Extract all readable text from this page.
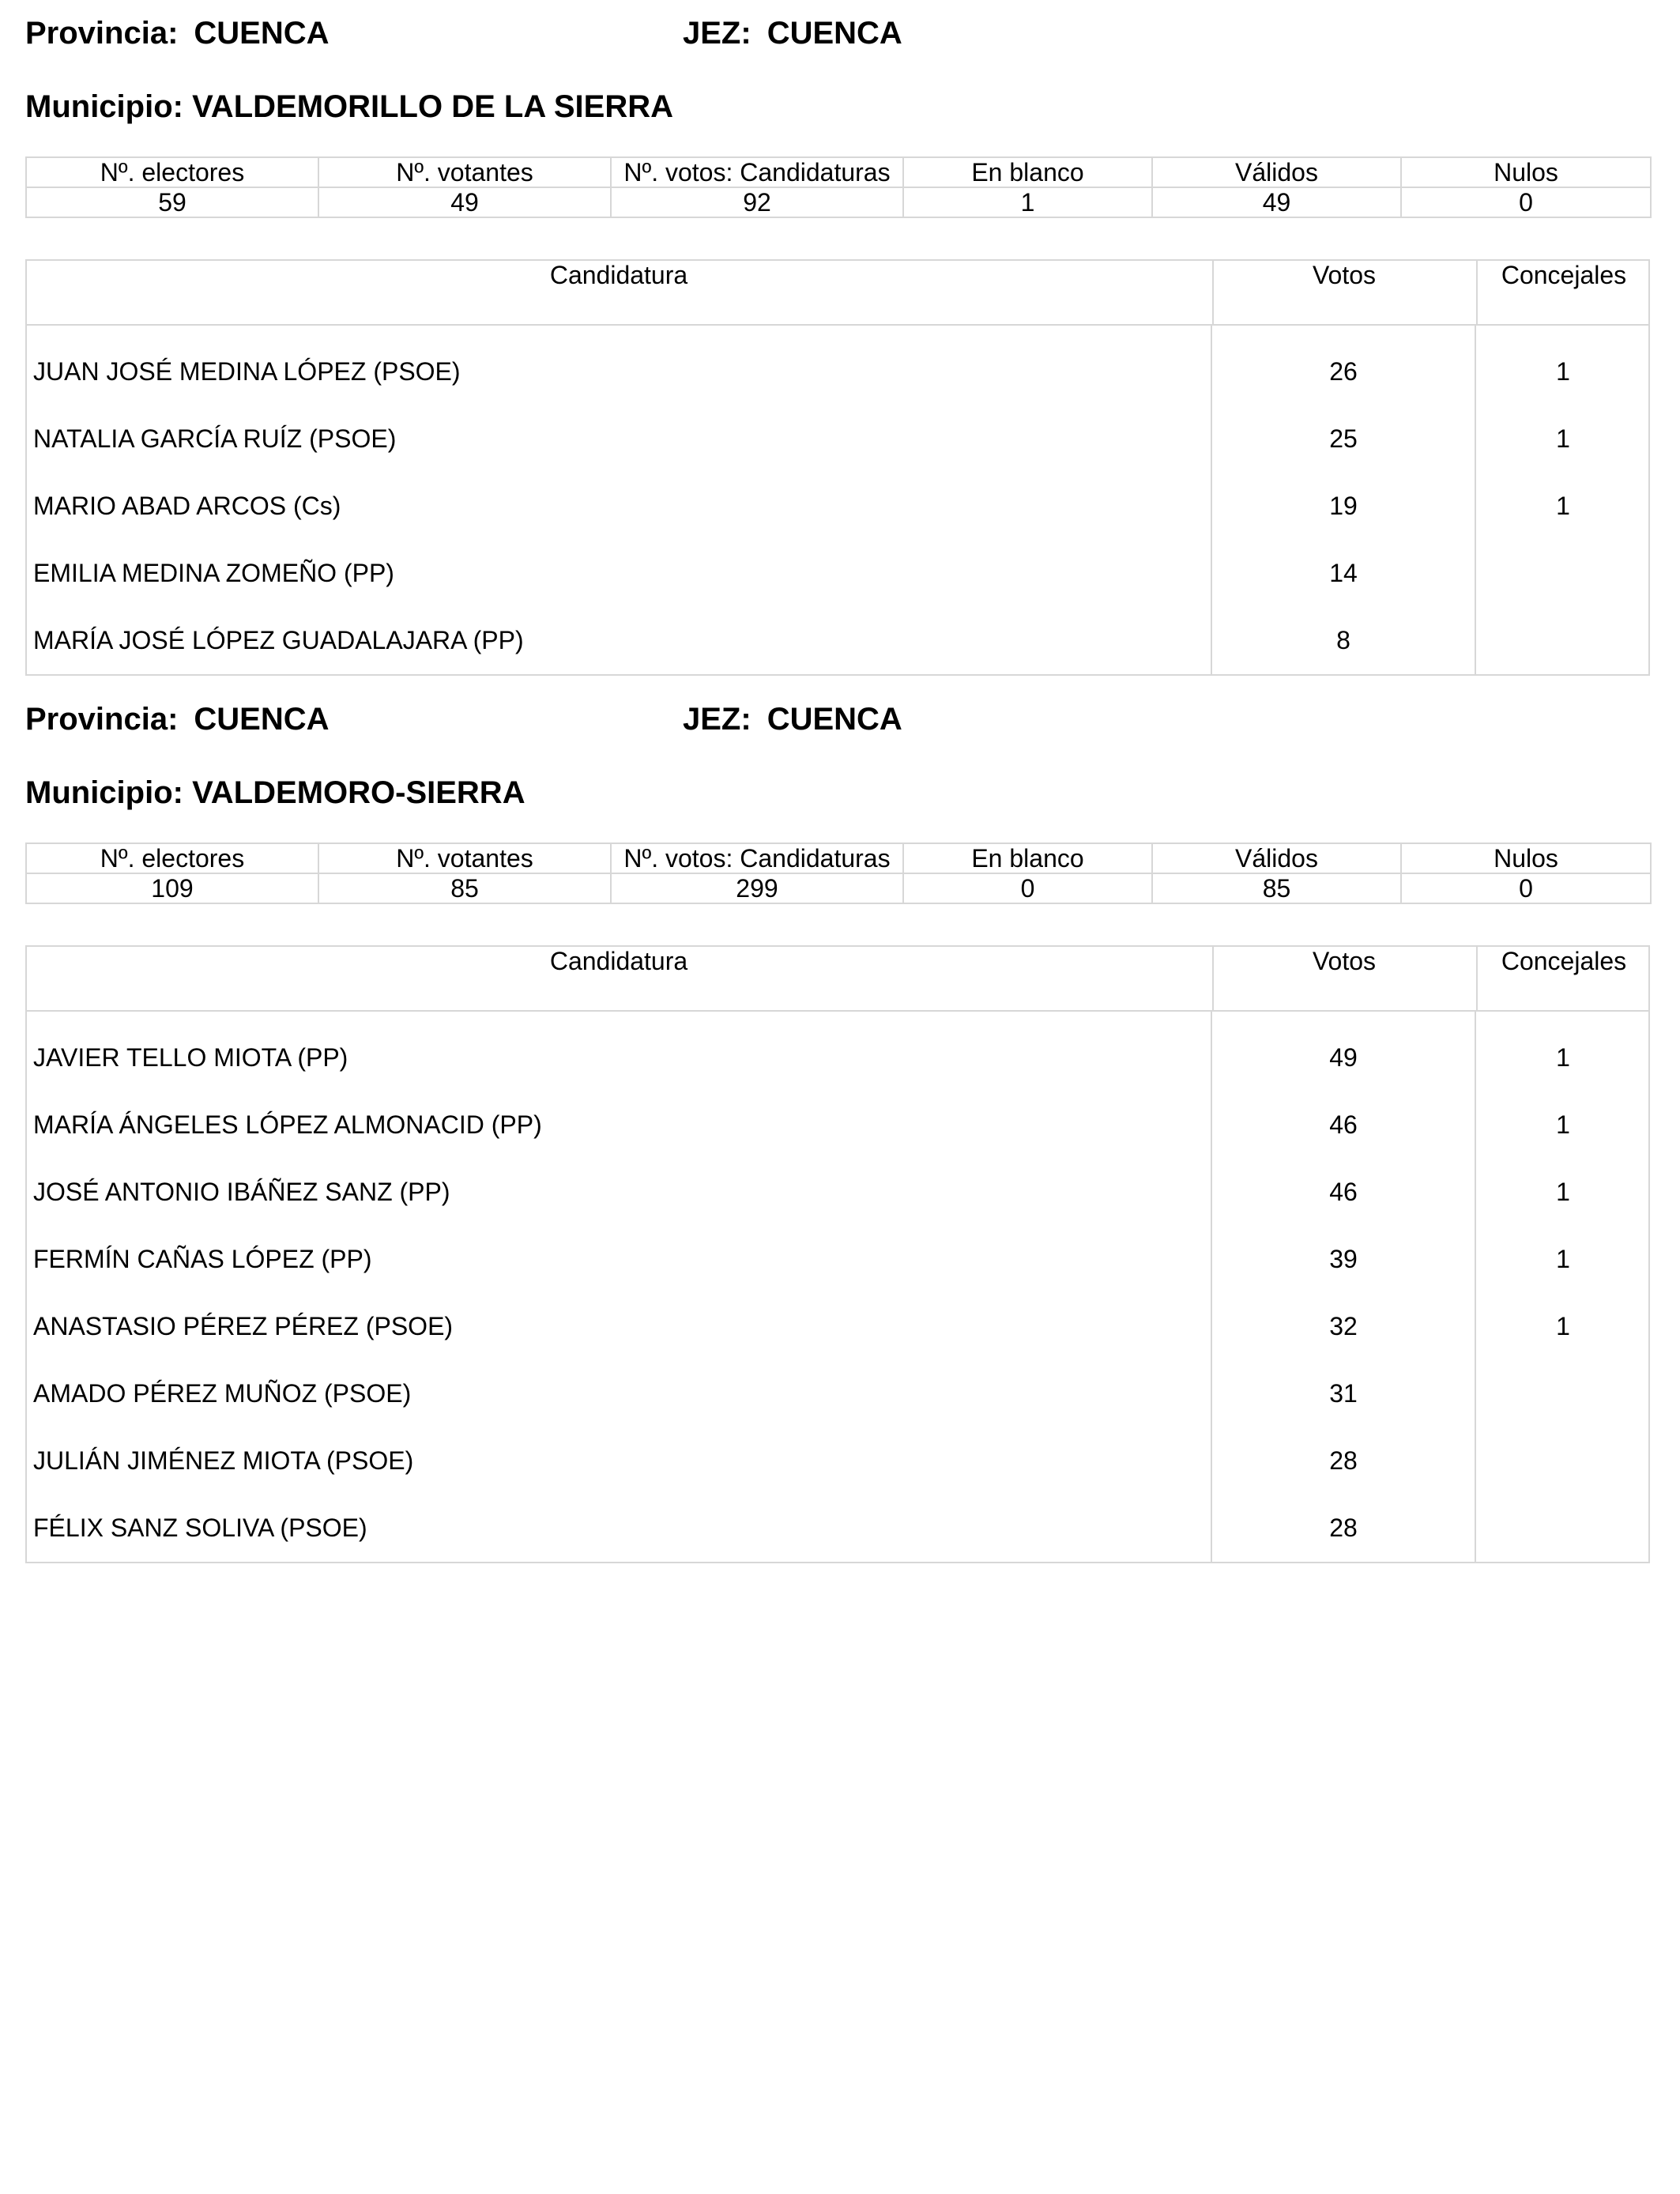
Provincia: CUENCA	JEZ: CUENCA
Municipio: VALDEMORILLO DE LA SIERRA
Nº. electores	Nº. votantes	Nº. votos: Candidaturas	En blanco	Válidos	Nulos
59	49	92	1	49	0
Candidatura	Votos	Concejales
JUAN JOSÉ MEDINA LÓPEZ (PSOE)	26	1
NATALIA GARCÍA RUÍZ (PSOE)	25	1
MARIO ABAD ARCOS (Cs)	19	1
EMILIA MEDINA ZOMEÑO (PP)	14
MARÍA JOSÉ LÓPEZ GUADALAJARA (PP)	8
Provincia: CUENCA	JEZ: CUENCA
Municipio: VALDEMORO-SIERRA
Nº. electores	Nº. votantes	Nº. votos: Candidaturas	En blanco	Válidos	Nulos
109	85	299	0	85	0
Candidatura	Votos	Concejales
JAVIER TELLO MIOTA (PP)	49	1
MARÍA ÁNGELES LÓPEZ ALMONACID (PP)	46	1
JOSÉ ANTONIO IBÁÑEZ SANZ (PP)	46	1
FERMÍN CAÑAS LÓPEZ (PP)	39	1
ANASTASIO PÉREZ PÉREZ (PSOE)	32	1
AMADO PÉREZ MUÑOZ (PSOE)	31
JULIÁN JIMÉNEZ MIOTA (PSOE)	28
FÉLIX SANZ SOLIVA (PSOE)	28
